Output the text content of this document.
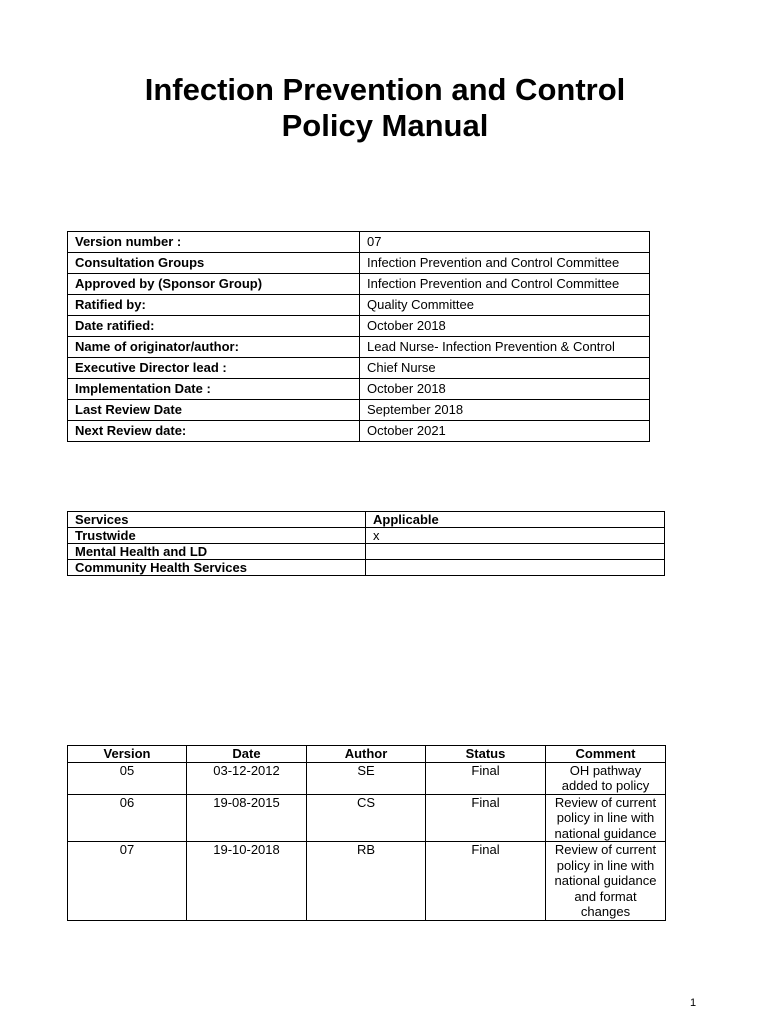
Infection Prevention and Control
Policy Manual
Version number :	07
Consultation Groups	Infection Prevention and Control Committee
Approved by (Sponsor Group)	Infection Prevention and Control Committee
Ratified by:	Quality Committee
Date ratified:	October 2018
Name of originator/author:	Lead Nurse- Infection Prevention & Control
Executive Director lead :	Chief Nurse
Implementation Date :	October 2018
Last Review Date	September 2018
Next Review date:	October 2021
Services	Applicable
Trustwide	x
Mental Health and LD	
Community Health Services	
Version	Date	Author	Status	Comment
05	03-12-2012	SE	Final	OH pathway added to policy
06	19-08-2015	CS	Final	Review of current policy in line with national guidance
07	19-10-2018	RB	Final	Review of current policy in line with national guidance and format changes
1
